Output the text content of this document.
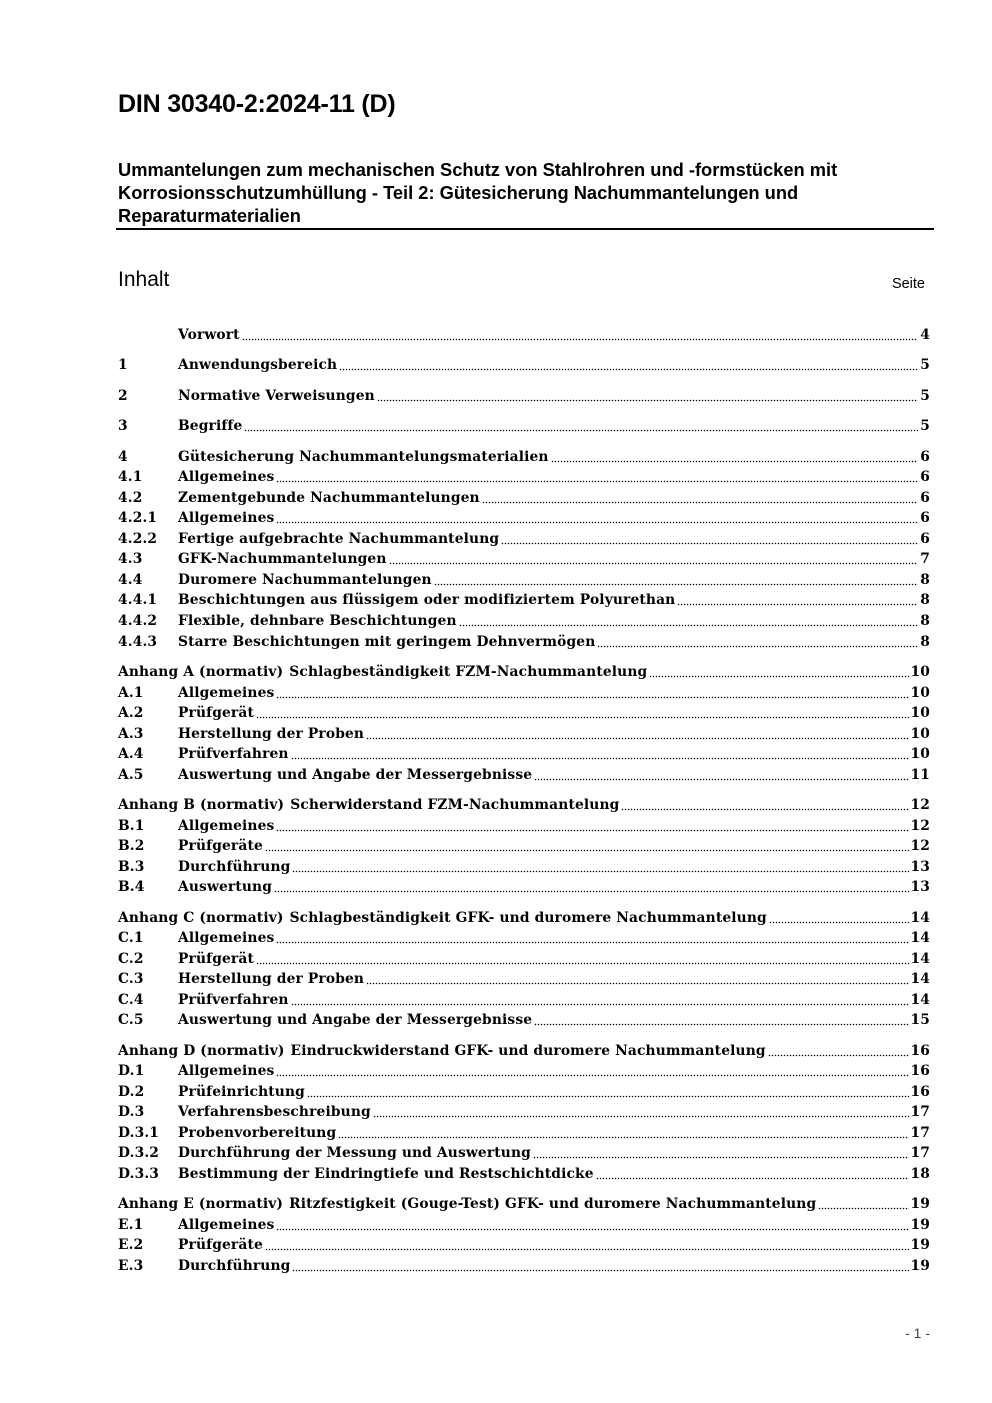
DIN 30340-2:2024-11 (D)
Ummantelungen zum mechanischen Schutz von Stahlrohren und -formstücken mit Korrosionsschutzumhüllung - Teil 2: Gütesicherung Nachummantelungen und Reparaturmaterialien
Inhalt	Seite
Vorwort	4
1	Anwendungsbereich	5
2	Normative Verweisungen	5
3	Begriffe	5
4	Gütesicherung Nachummantelungsmaterialien	6
4.1	Allgemeines	6
4.2	Zementgebunde Nachummantelungen	6
4.2.1	Allgemeines	6
4.2.2	Fertige aufgebrachte Nachummantelung	6
4.3	GFK-Nachummantelungen	7
4.4	Duromere Nachummantelungen	8
4.4.1	Beschichtungen aus flüssigem oder modifiziertem Polyurethan	8
4.4.2	Flexible, dehnbare Beschichtungen	8
4.4.3	Starre Beschichtungen mit geringem Dehnvermögen	8
Anhang A (normativ) Schlagbeständigkeit FZM-Nachummantelung	10
A.1	Allgemeines	10
A.2	Prüfgerät	10
A.3	Herstellung der Proben	10
A.4	Prüfverfahren	10
A.5	Auswertung und Angabe der Messergebnisse	11
Anhang B (normativ) Scherwiderstand FZM-Nachummantelung	12
B.1	Allgemeines	12
B.2	Prüfgeräte	12
B.3	Durchführung	13
B.4	Auswertung	13
Anhang C (normativ) Schlagbeständigkeit GFK- und duromere Nachummantelung	14
C.1	Allgemeines	14
C.2	Prüfgerät	14
C.3	Herstellung der Proben	14
C.4	Prüfverfahren	14
C.5	Auswertung und Angabe der Messergebnisse	15
Anhang D (normativ) Eindruckwiderstand GFK- und duromere Nachummantelung	16
D.1	Allgemeines	16
D.2	Prüfeinrichtung	16
D.3	Verfahrensbeschreibung	17
D.3.1	Probenvorbereitung	17
D.3.2	Durchführung der Messung und Auswertung	17
D.3.3	Bestimmung der Eindringtiefe und Restschichtdicke	18
Anhang E (normativ) Ritzfestigkeit (Gouge-Test) GFK- und duromere Nachummantelung	19
E.1	Allgemeines	19
E.2	Prüfgeräte	19
E.3	Durchführung	19
- 1 -
